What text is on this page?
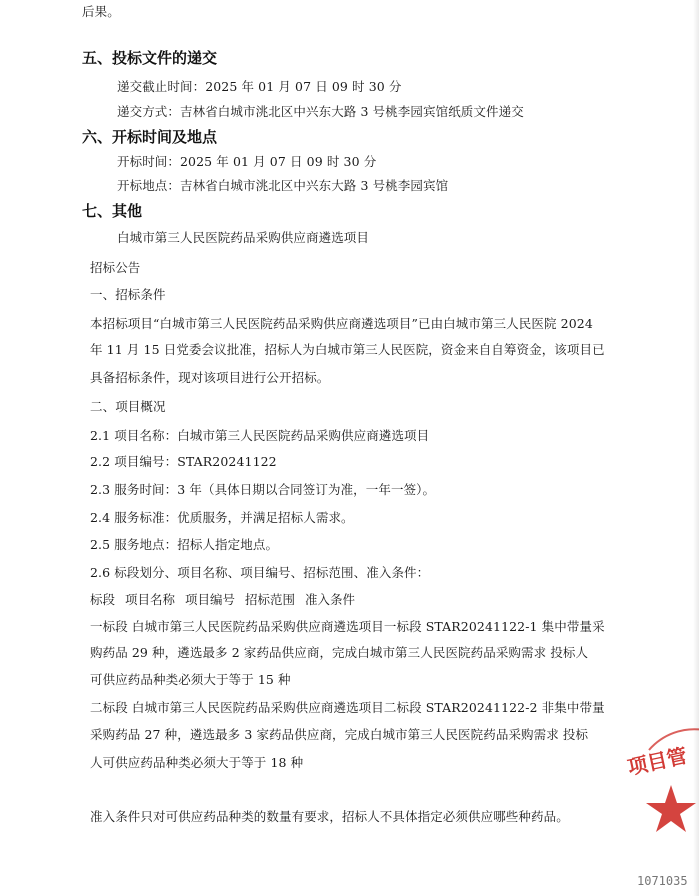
后果。
五、投标文件的递交
递交截止时间：2025 年 01 月 07 日 09 时 30 分
递交方式：吉林省白城市洮北区中兴东大路 3 号桃李园宾馆纸质文件递交
六、开标时间及地点
开标时间：2025 年 01 月 07 日 09 时 30 分
开标地点：吉林省白城市洮北区中兴东大路 3 号桃李园宾馆
七、其他
白城市第三人民医院药品采购供应商遴选项目
招标公告
一、招标条件
本招标项目“白城市第三人民医院药品采购供应商遴选项目”已由白城市第三人民医院 2024
年 11 月 15 日党委会议批准，招标人为白城市第三人民医院，资金来自自筹资金，该项目已
具备招标条件，现对该项目进行公开招标。
二、项目概况
2.1 项目名称：白城市第三人民医院药品采购供应商遴选项目
2.2 项目编号：STAR20241122
2.3 服务时间：3 年（具体日期以合同签订为准，一年一签）。
2.4 服务标准：优质服务，并满足招标人需求。
2.5 服务地点：招标人指定地点。
2.6 标段划分、项目名称、项目编号、招标范围、准入条件：
标段 项目名称 项目编号 招标范围 准入条件
一标段 白城市第三人民医院药品采购供应商遴选项目一标段 STAR20241122-1 集中带量采
购药品 29 种，遴选最多 2 家药品供应商，完成白城市第三人民医院药品采购需求 投标人
可供应药品种类必须大于等于 15 种
二标段 白城市第三人民医院药品采购供应商遴选项目二标段 STAR20241122-2 非集中带量
采购药品 27 种，遴选最多 3 家药品供应商，完成白城市第三人民医院药品采购需求 投标
人可供应药品种类必须大于等于 18 种
准入条件只对可供应药品种类的数量有要求，招标人不具体指定必须供应哪些种药品。
项目管
1071035
